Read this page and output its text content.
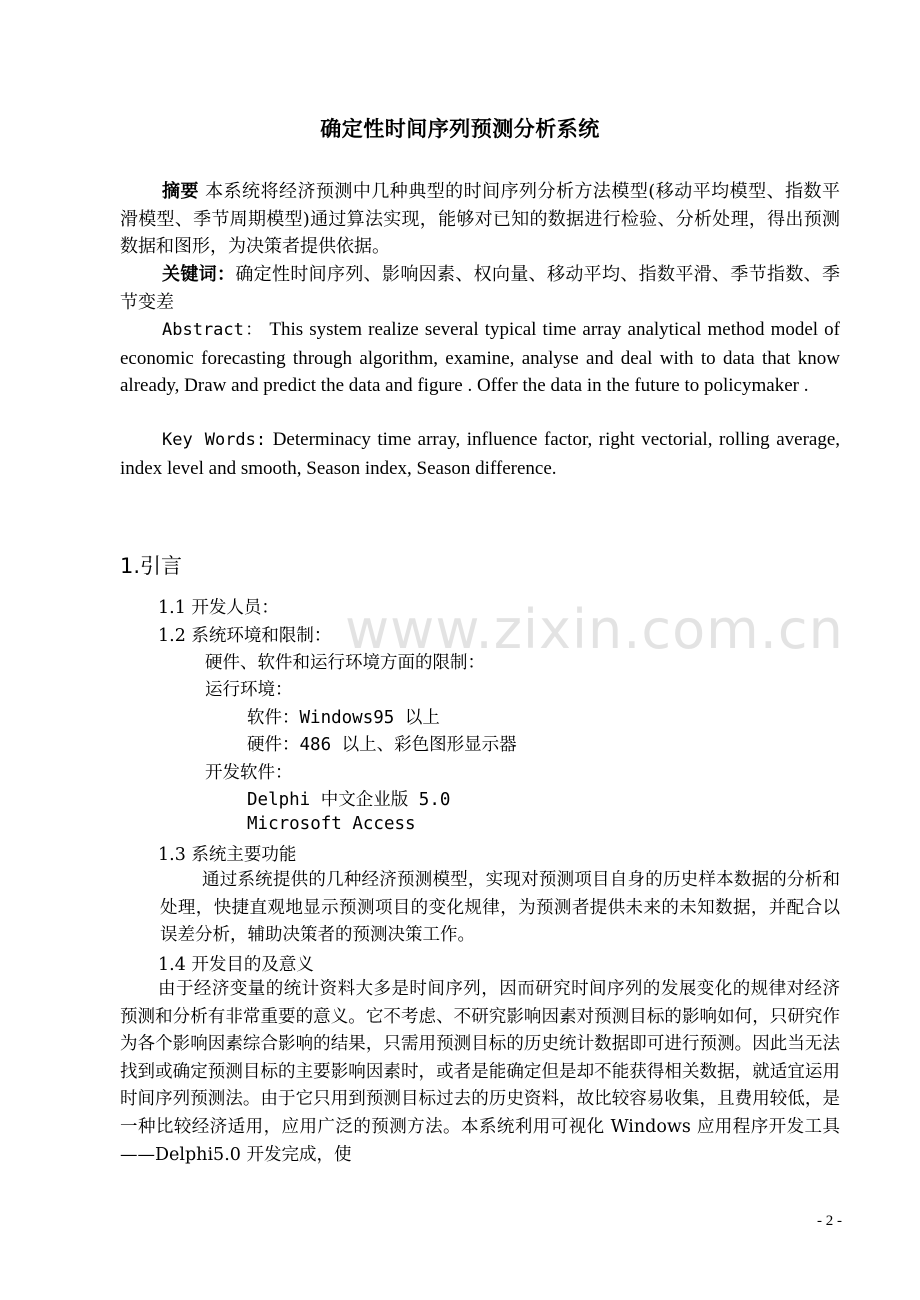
确定性时间序列预测分析系统
摘要 本系统将经济预测中几种典型的时间序列分析方法模型(移动平均模型、指数平滑模型、季节周期模型)通过算法实现，能够对已知的数据进行检验、分析处理，得出预测数据和图形，为决策者提供依据。
关键词：确定性时间序列、影响因素、权向量、移动平均、指数平滑、季节指数、季节变差
Abstract： This system realize several typical time array analytical method model of economic forecasting through algorithm, examine, analyse and deal with to data that know already, Draw and predict the data and figure . Offer the data in the future to policymaker .
Key Words: Determinacy time array, influence factor, right vectorial, rolling average, index level and smooth, Season index, Season difference.
1.引言
www.zixin.com.cn
1.1 开发人员：
1.2 系统环境和限制：
硬件、软件和运行环境方面的限制：
运行环境：
软件：Windows95 以上
硬件：486 以上、彩色图形显示器
开发软件：
Delphi 中文企业版 5.0
Microsoft Access
1.3 系统主要功能
通过系统提供的几种经济预测模型，实现对预测项目自身的历史样本数据的分析和处理，快捷直观地显示预测项目的变化规律，为预测者提供未来的未知数据，并配合以误差分析，辅助决策者的预测决策工作。
1.4 开发目的及意义
由于经济变量的统计资料大多是时间序列，因而研究时间序列的发展变化的规律对经济预测和分析有非常重要的意义。它不考虑、不研究影响因素对预测目标的影响如何，只研究作为各个影响因素综合影响的结果，只需用预测目标的历史统计数据即可进行预测。因此当无法找到或确定预测目标的主要影响因素时，或者是能确定但是却不能获得相关数据，就适宜运用时间序列预测法。由于它只用到预测目标过去的历史资料，故比较容易收集，且费用较低，是一种比较经济适用，应用广泛的预测方法。本系统利用可视化 Windows 应用程序开发工具——Delphi5.0 开发完成，使
- 2 -
